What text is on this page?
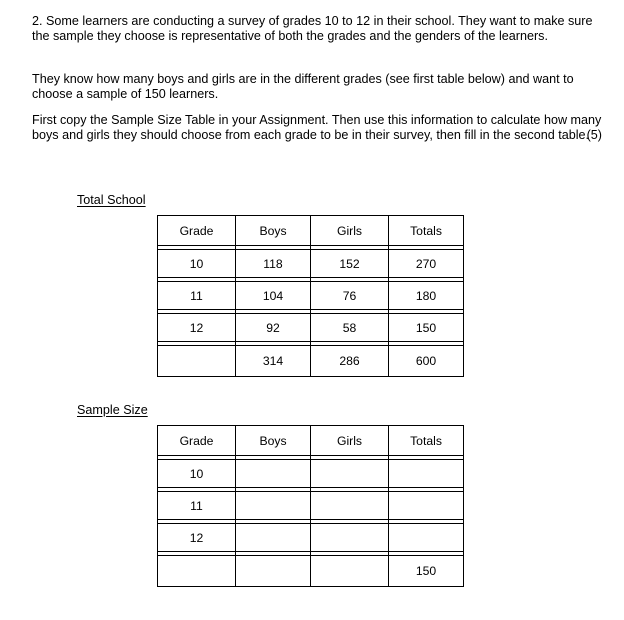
2. Some learners are conducting a survey of grades 10 to 12 in their school. They want to make sure the sample they choose is representative of both the grades and the genders of the learners.

They know how many boys and girls are in the different grades (see first table below) and want to choose a sample of 150 learners.

First copy the Sample Size Table in your Assignment. Then use this information to calculate how many boys and girls they should choose from each grade to be in their survey, then fill in the second table.
(5)

Total School
Grade	Boys	Girls	Totals

10	118	152	270

11	104	76	180

12	92	58	150

	314	286	600
Sample Size
Grade	Boys	Girls	Totals

10			

11			

12			

			150
